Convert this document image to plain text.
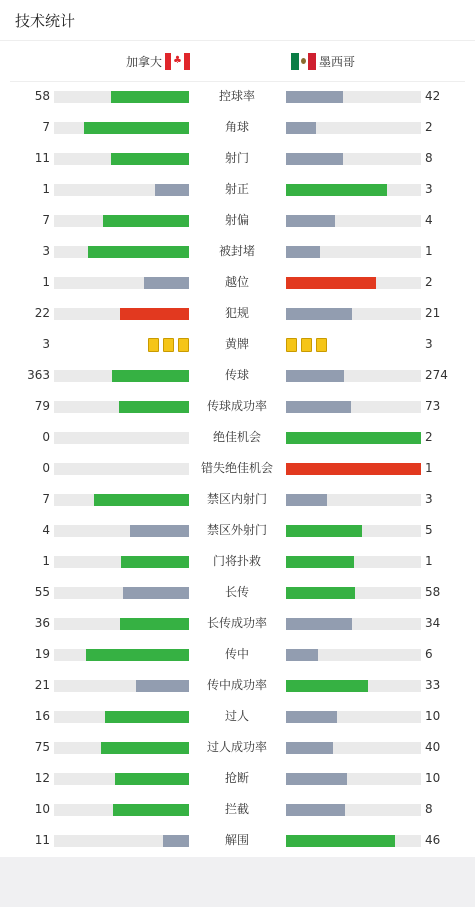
技术统计
加拿大 ♣	墨西哥
58	控球率	42
7	角球	2
11	射门	8
1	射正	3
7	射偏	4
3	被封堵	1
1	越位	2
22	犯规	21
3	黄牌	3
363	传球	274
79	传球成功率	73
0	绝佳机会	2
0	错失绝佳机会	1
7	禁区内射门	3
4	禁区外射门	5
1	门将扑救	1
55	长传	58
36	长传成功率	34
19	传中	6
21	传中成功率	33
16	过人	10
75	过人成功率	40
12	抢断	10
10	拦截	8
11	解围	46
